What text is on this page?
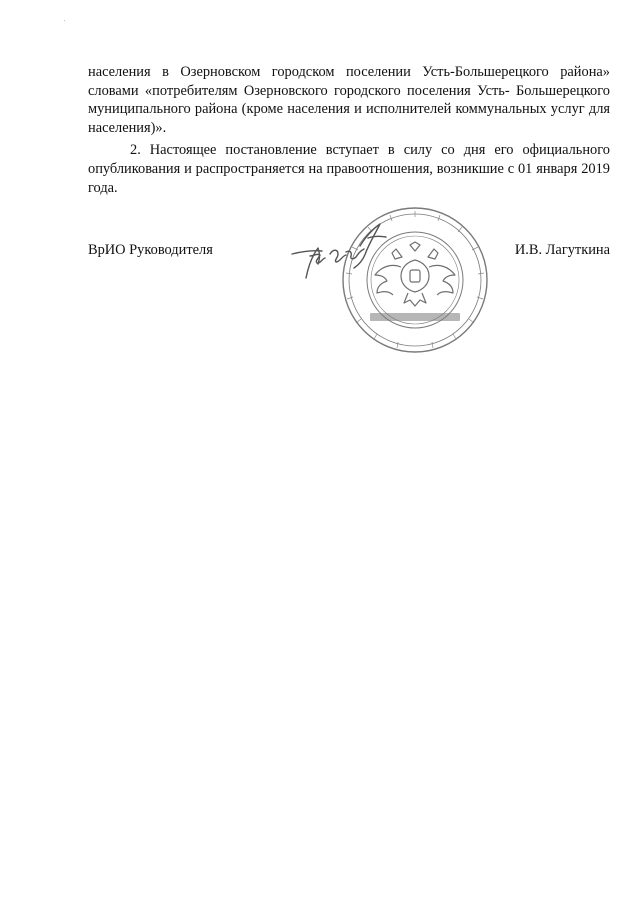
населения в Озерновском городском поселении Усть-Большерецкого района» словами «потребителям Озерновского городского поселения Усть- Большерецкого муниципального района (кроме населения и исполнителей коммунальных услуг для населения)».

2. Настоящее постановление вступает в силу со дня его официального опубликования и распространяется на правоотношения, возникшие с 01 января 2019 года.

ВрИО Руководителя	И.В. Лагуткина
